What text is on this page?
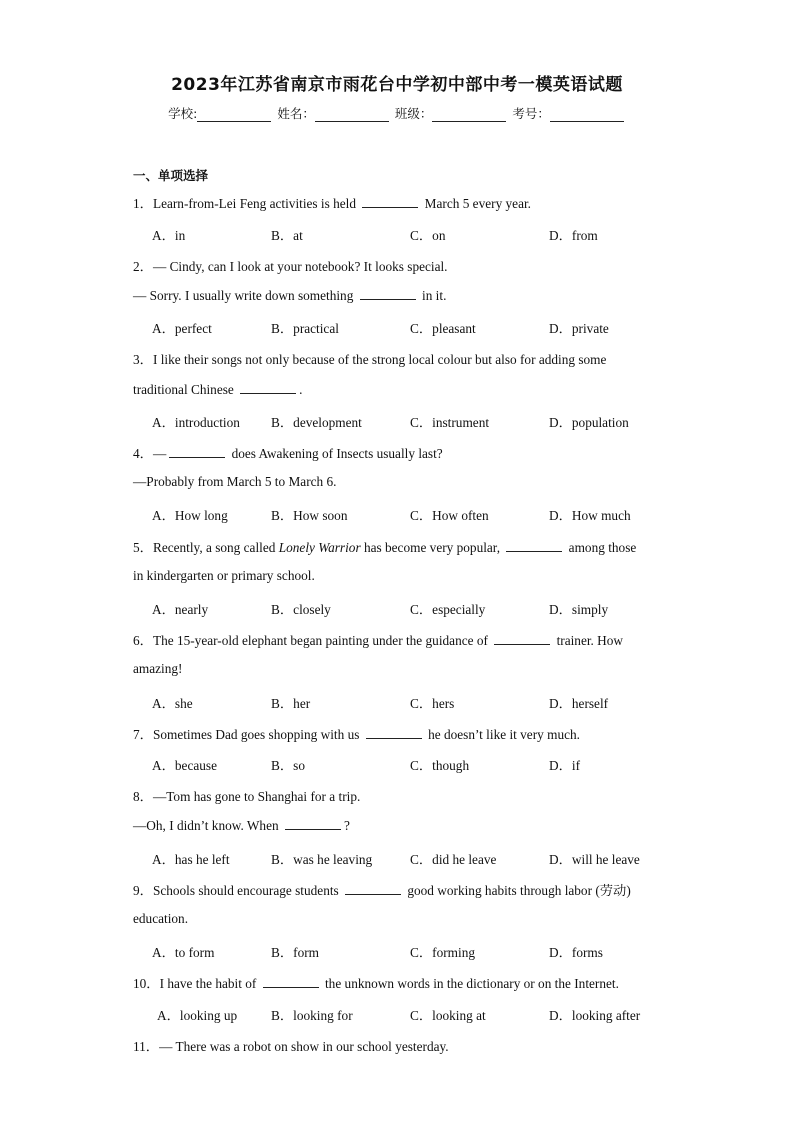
2023年江苏省南京市雨花台中学初中部中考一模英语试题
学校:	姓名：	班级：	考号：
一、单项选择
1．Learn-from-Lei Feng activities is held	March 5 every year.
A．in	B．at	C．on	D．from
2．— Cindy, can I look at your notebook? It looks special.
— Sorry. I usually write down something	in it.
A．perfect	B．practical	C．pleasant	D．private
3．I like their songs not only because of the strong local colour but also for adding some
traditional Chinese	.
A．introduction B．development	C．instrument	D．population
4．—	does Awakening of Insects usually last?
—Probably from March 5 to March 6.
A．How long	B．How soon	C．How often	D．How much
5．Recently, a song called Lonely Warrior has become very popular,	among those
in kindergarten or primary school.
A．nearly	B．closely	C．especially	D．simply
6．The 15-year-old elephant began painting under the guidance of	trainer. How
amazing!
A．she	B．her	C．hers	D．herself
7．Sometimes Dad goes shopping with us	he doesn’t like it very much.
A．because	B．so	C．though	D．if
8．—Tom has gone to Shanghai for a trip.
—Oh, I didn’t know. When	?
A．has he left	B．was he leaving	C．did he leave	D．will he leave
9．Schools should encourage students	good working habits through labor (劳动)
education.
A．to form	B．form	C．forming	D．forms
10．I have the habit of	the unknown words in the dictionary or on the Internet.
A．looking up	B．looking for	C．looking at	D．looking after
11．— There was a robot on show in our school yesterday.
